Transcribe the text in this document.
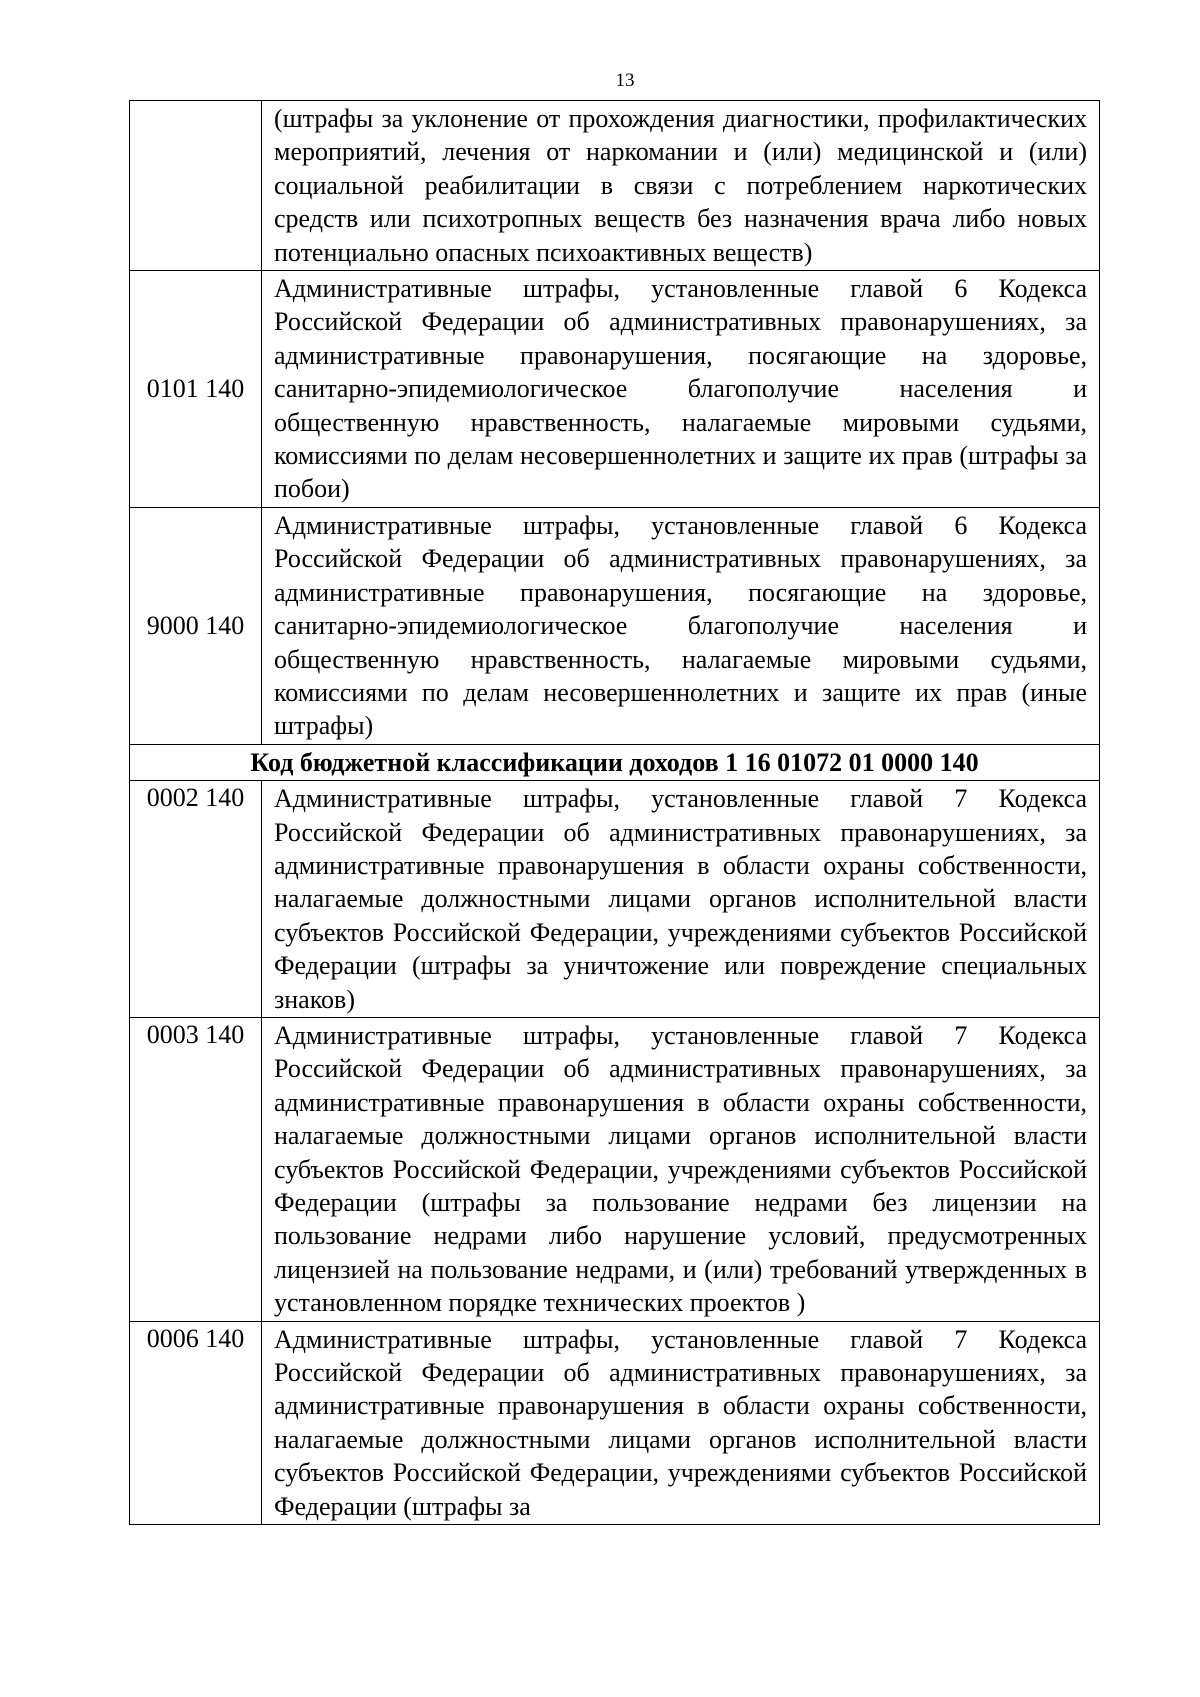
13
	(штрафы за уклонение от прохождения диагностики, профилактических мероприятий, лечения от наркомании и (или) медицинской и (или) социальной реабилитации в связи с потреблением наркотических средств или психотропных веществ без назначения врача либо новых потенциально опасных психоактивных веществ)
0101 140	Административные штрафы, установленные главой 6 Кодекса Российской Федерации об административных правонарушениях, за административные правонарушения, посягающие на здоровье, санитарно-эпидемиологическое благополучие населения и общественную нравственность, налагаемые мировыми судьями, комиссиями по делам несовершеннолетних и защите их прав (штрафы за побои)
9000 140	Административные штрафы, установленные главой 6 Кодекса Российской Федерации об административных правонарушениях, за административные правонарушения, посягающие на здоровье, санитарно-эпидемиологическое благополучие населения и общественную нравственность, налагаемые мировыми судьями, комиссиями по делам несовершеннолетних и защите их прав (иные штрафы)
Код бюджетной классификации доходов 1 16 01072 01 0000 140	
0002 140	Административные штрафы, установленные главой 7 Кодекса Российской Федерации об административных правонарушениях, за административные правонарушения в области охраны собственности, налагаемые должностными лицами органов исполнительной власти субъектов Российской Федерации, учреждениями субъектов Российской Федерации (штрафы за уничтожение или повреждение специальных знаков)
0003 140	Административные штрафы, установленные главой 7 Кодекса Российской Федерации об административных правонарушениях, за административные правонарушения в области охраны собственности, налагаемые должностными лицами органов исполнительной власти субъектов Российской Федерации, учреждениями субъектов Российской Федерации (штрафы за пользование недрами без лицензии на пользование недрами либо нарушение условий, предусмотренных лицензией на пользование недрами, и (или) требований утвержденных в установленном порядке технических проектов )
0006 140	Административные штрафы, установленные главой 7 Кодекса Российской Федерации об административных правонарушениях, за административные правонарушения в области охраны собственности, налагаемые должностными лицами органов исполнительной власти субъектов Российской Федерации, учреждениями субъектов Российской Федерации (штрафы за
